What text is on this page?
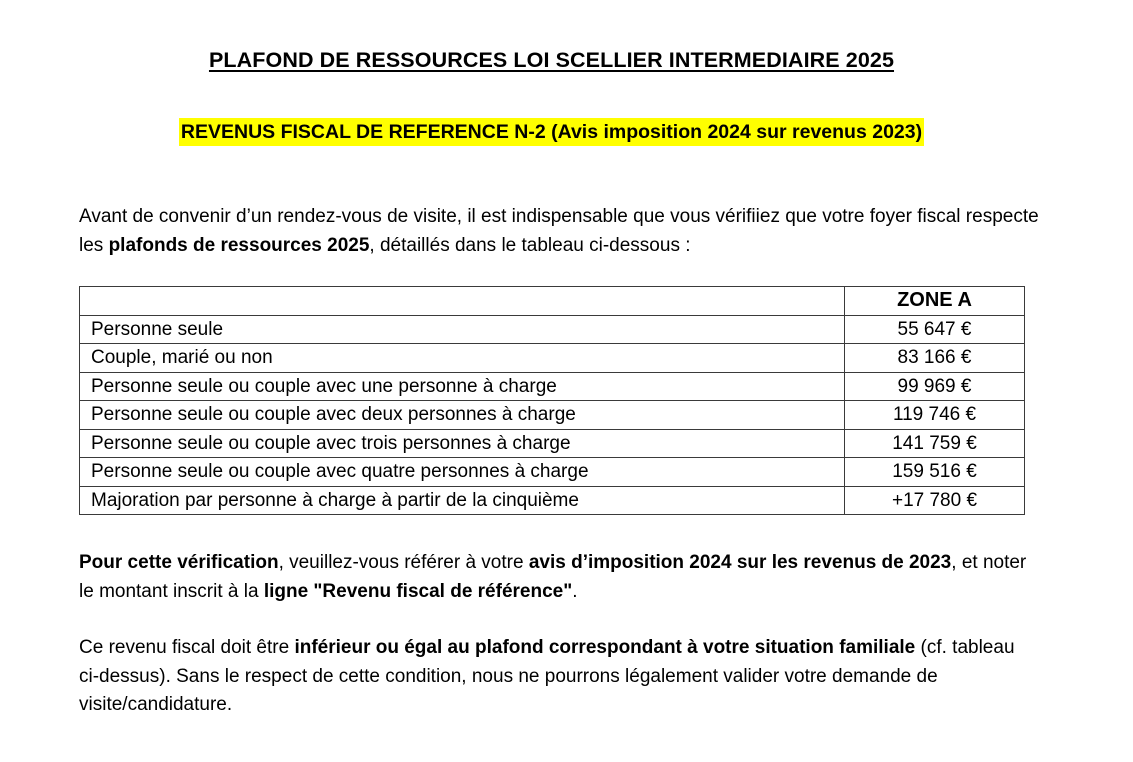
PLAFOND DE RESSOURCES LOI SCELLIER INTERMEDIAIRE 2025
REVENUS FISCAL DE REFERENCE N-2 (Avis imposition 2024 sur revenus 2023)
Avant de convenir d’un rendez-vous de visite, il est indispensable que vous vérifiiez que votre foyer fiscal respecte les plafonds de ressources 2025, détaillés dans le tableau ci-dessous :
	ZONE A
Personne seule	55 647 €
Couple, marié ou non	83 166 €
Personne seule ou couple avec une personne à charge	99 969 €
Personne seule ou couple avec deux personnes à charge	119 746 €
Personne seule ou couple avec trois personnes à charge	141 759 €
Personne seule ou couple avec quatre personnes à charge	159 516 €
Majoration par personne à charge à partir de la cinquième	+17 780 €
Pour cette vérification, veuillez-vous référer à votre avis d’imposition 2024 sur les revenus de 2023, et noter le montant inscrit à la ligne "Revenu fiscal de référence".
Ce revenu fiscal doit être inférieur ou égal au plafond correspondant à votre situation familiale (cf. tableau ci-dessus). Sans le respect de cette condition, nous ne pourrons légalement valider votre demande de visite/candidature.
